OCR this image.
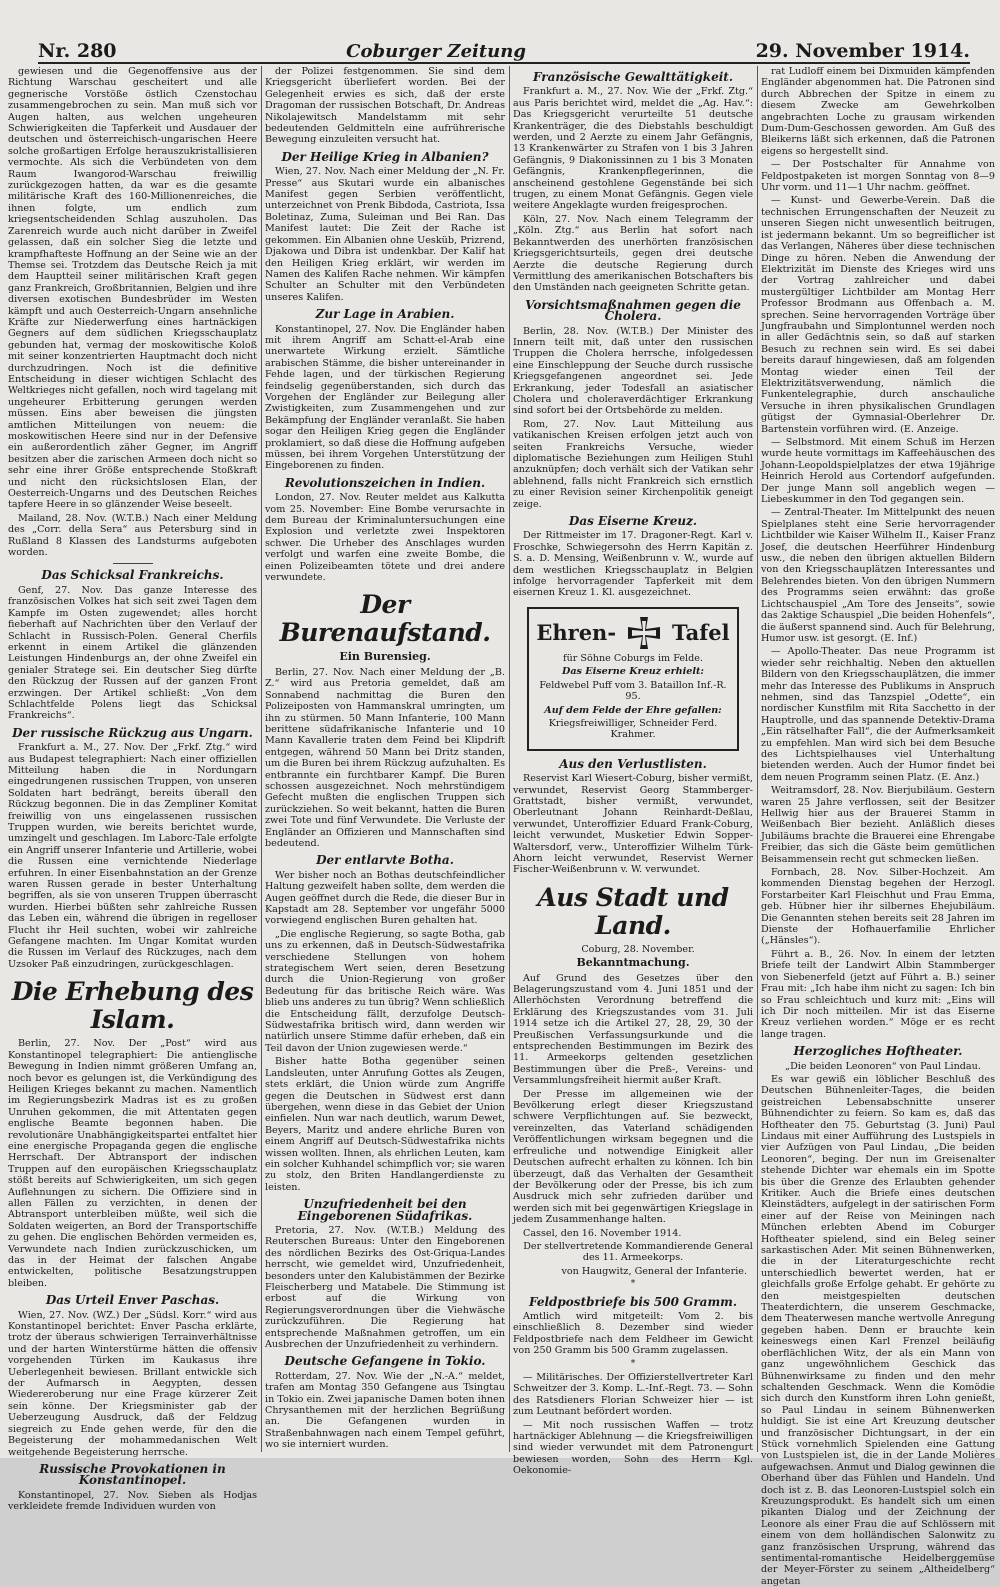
Nr. 280	Coburger Zeitung	29. November 1914.

gewiesen und die Gegenoffensive aus der Richtung Warschau gescheitert und alle gegnerische Vorstöße östlich Czenstochau zusammengebrochen zu sein. Man muß sich vor Augen halten, aus welchen ungeheuren Schwierigkeiten die Tapferkeit und Ausdauer der deutschen und österreichisch-ungarischen Heere solche großartigen Erfolge herauszukristallisieren vermochte. Als sich die Verbündeten von dem Raum Iwangorod-Warschau freiwillig zurückgezogen hatten, da war es die gesamte militärische Kraft des 160-Millionenreiches, die ihnen folgte, um endlich zum kriegsentscheidenden Schlag auszuholen. Das Zarenreich wurde auch nicht darüber in Zweifel gelassen, daß ein solcher Sieg die letzte und krampfhafteste Hoffnung an der Seine wie an der Themse sei. Trotzdem das Deutsche Reich ja mit dem Hauptteil seiner militärischen Kraft gegen ganz Frankreich, Großbritannien, Belgien und ihre diversen exotischen Bundesbrüder im Westen kämpft und auch Oesterreich-Ungarn ansehnliche Kräfte zur Niederwerfung eines hartnäckigen Gegners auf dem südlichen Kriegsschauplatz gebunden hat, vermag der moskowitische Koloß mit seiner konzentrierten Hauptmacht doch nicht durchzudringen. Noch ist die definitive Entscheidung in dieser wichtigen Schlacht des Weltkrieges nicht gefallen, noch wird tagelang mit ungeheurer Erbitterung gerungen werden müssen. Eins aber beweisen die jüngsten amtlichen Mitteilungen von neuem: die moskowitischen Heere sind nur in der Defensive ein außerordentlich zäher Gegner, im Angriff besitzen aber die zarischen Armeen doch nicht so sehr eine ihrer Größe entsprechende Stoßkraft und nicht den rücksichtslosen Elan, der Oesterreich-Ungarns und des Deutschen Reiches tapfere Heere in so glänzender Weise beseelt.

Mailand, 28. Nov. (W.T.B.) Nach einer Meldung des „Corr. della Sera“ aus Petersburg sind in Rußland 8 Klassen des Landsturms aufgeboten worden.

Das Schicksal Frankreichs.

Genf, 27. Nov. Das ganze Interesse des französischen Volkes hat sich seit zwei Tagen dem Kampfe im Osten zugewendet; alles horcht fieberhaft auf Nachrichten über den Verlauf der Schlacht in Russisch-Polen. General Cherfils erkennt in einem Artikel die glänzenden Leistungen Hindenburgs an, der ohne Zweifel ein genialer Stratege sei. Ein deutscher Sieg dürfte den Rückzug der Russen auf der ganzen Front erzwingen. Der Artikel schließt: „Von dem Schlachtfelde Polens liegt das Schicksal Frankreichs“.

Der russische Rückzug aus Ungarn.

Frankfurt a. M., 27. Nov. Der „Frkf. Ztg.“ wird aus Budapest telegraphiert: Nach einer offiziellen Mitteilung haben die in Nordungarn eingedrungenen russischen Truppen, von unseren Soldaten hart bedrängt, bereits überall den Rückzug begonnen. Die in das Zempliner Komitat freiwillig von uns eingelassenen russischen Truppen wurden, wie bereits berichtet wurde, umzingelt und geschlagen. Im Laborc-Tale erfolgte ein Angriff unserer Infanterie und Artillerie, wobei die Russen eine vernichtende Niederlage erfuhren. In einer Eisenbahnstation an der Grenze waren Russen gerade in bester Unterhaltung begriffen, als sie von unseren Truppen überrascht wurden. Hierbei büßten sehr zahlreiche Russen das Leben ein, während die übrigen in regelloser Flucht ihr Heil suchten, wobei wir zahlreiche Gefangene machten. Im Ungar Komitat wurden die Russen im Verlauf des Rückzuges, nach dem Uzsoker Paß einzudringen, zurückgeschlagen.

Die Erhebung des Islam.

Berlin, 27. Nov. Der „Post“ wird aus Konstantinopel telegraphiert: Die antienglische Bewegung in Indien nimmt größeren Umfang an, noch bevor es gelungen ist, die Verkündigung des Heiligen Krieges bekannt zu machen. Namentlich im Regierungsbezirk Madras ist es zu großen Unruhen gekommen, die mit Attentaten gegen englische Beamte begonnen haben. Die revolutionäre Unabhängigkeitspartei entfaltet hier eine energische Propaganda gegen die englische Herrschaft. Der Abtransport der indischen Truppen auf den europäischen Kriegsschauplatz stößt bereits auf Schwierigkeiten, um sich gegen Auflehnungen zu sichern. Die Offiziere sind in allen Fällen zu verzichten, in denen der Abtransport unterbleiben müßte, weil sich die Soldaten weigerten, an Bord der Transportschiffe zu gehen. Die englischen Behörden vermeiden es, Verwundete nach Indien zurückzuschicken, um das in der Heimat der falschen Angabe entwickelten, politische Besatzungstruppen bleiben.

Das Urteil Enver Paschas.

Wien, 27. Nov. (WZ.) Der „Südsl. Korr.“ wird aus Konstantinopel berichtet: Enver Pascha erklärte, trotz der überaus schwierigen Terrainverhältnisse und der harten Winterstürme hätten die offensiv vorgehenden Türken im Kaukasus ihre Ueberlegenheit bewiesen. Brillant entwickle sich der Aufmarsch in Aegypten, dessen Wiedereroberung nur eine Frage kürzerer Zeit sein könne. Der Kriegsminister gab der Ueberzeugung Ausdruck, daß der Feldzug siegreich zu Ende gehen werde, für den die Begeisterung der mohammedanischen Welt weitgehende Begeisterung herrsche.

Russische Provokationen in Konstantinopel.

Konstantinopel, 27. Nov. Sieben als Hodjas verkleidete fremde Individuen wurden von

der Polizei festgenommen. Sie sind dem Kriegsgericht überliefert worden. Bei der Gelegenheit erwies es sich, daß der erste Dragoman der russischen Botschaft, Dr. Andreas Nikolajewitsch Mandelstamm mit sehr bedeutenden Geldmitteln eine aufrührerische Bewegung einzuleiten versucht hat.

Der Heilige Krieg in Albanien?

Wien, 27. Nov. Nach einer Meldung der „N. Fr. Presse“ aus Skutari wurde ein albanisches Manifest gegen Serbien veröffentlicht, unterzeichnet von Prenk Bibdoda, Castriota, Issa Boletinaz, Zuma, Suleiman und Bei Ran. Das Manifest lautet: Die Zeit der Rache ist gekommen. Ein Albanien ohne Uesküb, Prizrend, Djakowa und Dibra ist undenkbar. Der Kalif hat den Heiligen Krieg erklärt, wir werden im Namen des Kalifen Rache nehmen. Wir kämpfen Schulter an Schulter mit den Verbündeten unseres Kalifen.

Zur Lage in Arabien.

Konstantinopel, 27. Nov. Die Engländer haben mit ihrem Angriff am Schatt-el-Arab eine unerwartete Wirkung erzielt. Sämtliche arabischen Stämme, die bisher untereinander in Fehde lagen, und der türkischen Regierung feindselig gegenüberstanden, sich durch das Vorgehen der Engländer zur Beilegung aller Zwistigkeiten, zum Zusammengehen und zur Bekämpfung der Engländer veranlaßt. Sie haben sogar den Heiligen Krieg gegen die Engländer proklamiert, so daß diese die Hoffnung aufgeben müssen, bei ihrem Vorgehen Unterstützung der Eingeborenen zu finden.

Revolutionszeichen in Indien.

London, 27. Nov. Reuter meldet aus Kalkutta vom 25. November: Eine Bombe verursachte in dem Bureau der Kriminaluntersuchungen eine Explosion und verletzte zwei Inspektoren schwer. Die Urheber des Anschlages wurden verfolgt und warfen eine zweite Bombe, die einen Polizeibeamten tötete und drei andere verwundete.

Der Burenaufstand.
Ein Burensieg.

Berlin, 27. Nov. Nach einer Meldung der „B. Z.“ wird aus Pretoria gemeldet, daß am Sonnabend nachmittag die Buren den Polizeiposten von Hammanskral umringten, um ihn zu stürmen. 50 Mann Infanterie, 100 Mann berittene südafrikanische Infanterie und 10 Mann Kavallerie traten dem Feind bei Klipdrift entgegen, während 50 Mann bei Dritz standen, um die Buren bei ihrem Rückzug aufzuhalten. Es entbrannte ein furchtbarer Kampf. Die Buren schossen ausgezeichnet. Noch mehrstündigem Gefecht mußten die englischen Truppen sich zurückziehen. So weit bekannt, hatten die Buren zwei Tote und fünf Verwundete. Die Verluste der Engländer an Offizieren und Mannschaften sind bedeutend.

Der entlarvte Botha.

Wer bisher noch an Bothas deutschfeindlicher Haltung gezweifelt haben sollte, dem werden die Augen geöffnet durch die Rede, die dieser Bur in Kapstadt am 28. September vor ungefähr 5000 vorwiegend englischen Buren gehalten hat.

„Die englische Regierung, so sagte Botha, gab uns zu erkennen, daß in Deutsch-Südwestafrika verschiedene Stellungen von hohem strategischem Wert seien, deren Besetzung durch die Union-Regierung von großer Bedeutung für das britische Reich wäre. Was blieb uns anderes zu tun übrig? Wenn schließlich die Entscheidung fällt, derzufolge Deutsch-Südwestafrika britisch wird, dann werden wir natürlich unsere Stimme dafür erheben, daß ein Teil davon der Union zugewiesen werde.“

Bisher hatte Botha gegenüber seinen Landsleuten, unter Anrufung Gottes als Zeugen, stets erklärt, die Union würde zum Angriffe gegen die Deutschen in Südwest erst dann übergehen, wenn diese in das Gebiet der Union einfielen. Nun war nach deutlich, warum Dewet, Beyers, Maritz und andere ehrliche Buren von einem Angriff auf Deutsch-Südwestafrika nichts wissen wollten. Ihnen, als ehrlichen Leuten, kam ein solcher Kuhhandel schimpflich vor; sie waren zu stolz, den Briten Handlangerdienste zu leisten.

Unzufriedenheit bei den Eingeborenen Südafrikas.

Pretoria, 27. Nov. (W.T.B.) Meldung des Reuterschen Bureaus: Unter den Eingeborenen des nördlichen Bezirks des Ost-Griqua-Landes herrscht, wie gemeldet wird, Unzufriedenheit, besonders unter den Kalubistämmen der Bezirke Fleischerberg und Matabele. Die Stimmung ist erbost auf die Wirkung von Regierungsverordnungen über die Viehwäsche zurückzuführen. Die Regierung hat entsprechende Maßnahmen getroffen, um ein Ausbrechen der Unzufriedenheit zu verhindern.

Deutsche Gefangene in Tokio.

Rotterdam, 27. Nov. Wie der „N.-A.“ meldet, trafen am Montag 350 Gefangene aus Tsingtau in Tokio ein. Zwei japanische Damen boten ihnen Chrysanthemen mit der herzlichen Begrüßung an. Die Gefangenen wurden in Straßenbahnwagen nach einem Tempel geführt, wo sie interniert wurden.

Französische Gewalttätigkeit.

Frankfurt a. M., 27. Nov. Wie der „Frkf. Ztg.“ aus Paris berichtet wird, meldet die „Ag. Hav.“: Das Kriegsgericht verurteilte 51 deutsche Krankenträger, die des Diebstahls beschuldigt werden, und 2 Aerzte zu einem Jahr Gefängnis, 13 Krankenwärter zu Strafen von 1 bis 3 Jahren Gefängnis, 9 Diakonissinnen zu 1 bis 3 Monaten Gefängnis, Krankenpflegerinnen, die anscheinend gestohlene Gegenstände bei sich trugen, zu einem Monat Gefängnis. Gegen viele weitere Angeklagte wurden freigesprochen.

Köln, 27. Nov. Nach einem Telegramm der „Köln. Ztg.“ aus Berlin hat sofort nach Bekanntwerden des unerhörten französischen Kriegsgerichtsurteils, gegen drei deutsche Aerzte die deutsche Regierung durch Vermittlung des amerikanischen Botschafters bis den Umständen nach geeigneten Schritte getan.

Vorsichtsmaßnahmen gegen die Cholera.

Berlin, 28. Nov. (W.T.B.) Der Minister des Innern teilt mit, daß unter den russischen Truppen die Cholera herrsche, infolgedessen eine Einschleppung der Seuche durch russische Kriegsgefangenen angeordnet sei. Jede Erkrankung, jeder Todesfall an asiatischer Cholera und choleraverdächtiger Erkrankung sind sofort bei der Ortsbehörde zu melden.

Rom, 27. Nov. Laut Mitteilung aus vatikanischen Kreisen erfolgen jetzt auch von seiten Frankreichs Versuche, wieder diplomatische Beziehungen zum Heiligen Stuhl anzuknüpfen; doch verhält sich der Vatikan sehr ablehnend, falls nicht Frankreich sich ernstlich zu einer Revision seiner Kirchenpolitik geneigt zeige.

Das Eiserne Kreuz.

Der Rittmeister im 17. Dragoner-Regt. Karl v. Froschke, Schwiegersohn des Herrn Kapitän z. S. a. D. Mensing, Weißenbrunn v. W., wurde auf dem westlichen Kriegsschauplatz in Belgien infolge hervorragender Tapferkeit mit dem eisernen Kreuz 1. Kl. ausgezeichnet.

Ehren-	Tafel
für Söhne Coburgs im Felde.
Das Eiserne Kreuz erhielt:
Feldwebel Puff vom 3. Bataillon Inf.-R. 95.
Auf dem Felde der Ehre gefallen:
Kriegsfreiwilliger, Schneider Ferd. Krahmer.
Aus den Verlustlisten.

Reservist Karl Wiesert-Coburg, bisher vermißt, verwundet, Reservist Georg Stammberger-Grattstadt, bisher vermißt, verwundet, Oberleutnant Johann Reinhardt-Deßlau, verwundet, Unteroffizier Eduard Frank-Coburg, leicht verwundet, Musketier Edwin Sopper-Waltersdorf, verw., Unteroffizier Wilhelm Türk-Ahorn leicht verwundet, Reservist Werner Fischer-Weißenbrunn v. W. verwundet.

Aus Stadt und Land.

Coburg, 28. November.

Bekanntmachung.

Auf Grund des Gesetzes über den Belagerungszustand vom 4. Juni 1851 und der Allerhöchsten Verordnung betreffend die Erklärung des Kriegszustandes vom 31. Juli 1914 setze ich die Artikel 27, 28, 29, 30 der Preußischen Verfassungsurkunde und die entsprechenden Bestimmungen im Bezirk des 11. Armeekorps geltenden gesetzlichen Bestimmungen über die Preß-, Vereins- und Versammlungsfreiheit hiermit außer Kraft.

Der Presse im allgemeinen wie der Bevölkerung erlegt dieser Kriegszustand schwere Verpflichtungen auf. Sie bezweckt, vereinzelten, das Vaterland schädigenden Veröffentlichungen wirksam begegnen und die erfreuliche und notwendige Einigkeit aller Deutschen aufrecht erhalten zu können. Ich bin überzeugt, daß das Verhalten der Gesamtheit der Bevölkerung oder der Presse, bis ich zum Ausdruck mich sehr zufrieden darüber und werden sich mit bei gegenwärtigen Kriegslage in jedem Zusammenhange halten.

Cassel, den 16. November 1914.

Der stellvertretende Kommandierende General des 11. Armeekorps.

von Haugwitz, General der Infanterie.

*
Feldpostbriefe bis 500 Gramm.

Amtlich wird mitgeteilt: Vom 2. bis einschließlich 8. Dezember sind wieder Feldpostbriefe nach dem Feldheer im Gewicht von 250 Gramm bis 500 Gramm zugelassen.

*

— Militärisches. Der Offizierstellvertreter Karl Schweitzer der 3. Komp. L.-Inf.-Regt. 73. — Sohn des Ratsdieners Florian Schweizer hier — ist zum Leutnant befördert worden.

— Mit noch russischen Waffen — trotz hartnäckiger Ablehnung — die Kriegsfreiwilligen sind wieder verwundet mit dem Patronengurt bewiesen worden, Sohn des Herrn Kgl. Oekonomie-

rat Ludloff einem bei Dixmuiden kämpfenden Engländer abgenommen hat. Die Patronen sind durch Abbrechen der Spitze in einem zu diesem Zwecke am Gewehrkolben angebrachten Loche zu grausam wirkenden Dum-Dum-Geschossen geworden. Am Guß des Bleikerns läßt sich erkennen, daß die Patronen eigens so hergestellt sind.

— Der Postschalter für Annahme von Feldpostpaketen ist morgen Sonntag von 8—9 Uhr vorm. und 11—1 Uhr nachm. geöffnet.

— Kunst- und Gewerbe-Verein. Daß die technischen Errungenschaften der Neuzeit zu unseren Siegen nicht unwesentlich beitrugen, ist jedermann bekannt. Um so begreiflicher ist das Verlangen, Näheres über diese technischen Dinge zu hören. Neben die Anwendung der Elektrizität im Dienste des Krieges wird uns der Vortrag zahlreicher und dabei mustergültiger Lichtbilder am Montag Herr Professor Brodmann aus Offenbach a. M. sprechen. Seine hervorragenden Vorträge über Jungfraubahn und Simplontunnel werden noch in aller Gedächtnis sein, so daß auf starken Besuch zu rechnen sein wird. Es sei dabei bereits darauf hingewiesen, daß am folgenden Montag wieder einen Teil der Elektrizitätsverwendung, nämlich die Funkentelegraphie, durch anschauliche Versuche in ihren physikalischen Grundlagen gütigst der Gymnasial-Oberlehrer Dr. Bartenstein vorführen wird. (E. Anzeige.

— Selbstmord. Mit einem Schuß im Herzen wurde heute vormittags im Kaffeehäuschen des Johann-Leopoldspielplatzes der etwa 19jährige Heinrich Herold aus Cortendorf aufgefunden. Der junge Mann soll angeblich wegen — Liebeskummer in den Tod gegangen sein.

— Zentral-Theater. Im Mittelpunkt des neuen Spielplanes steht eine Serie hervorragender Lichtbilder wie Kaiser Wilhelm II., Kaiser Franz Josef, die deutschen Heerführer Hindenburg usw., die neben den übrigen aktuellen Bildern von den Kriegsschauplätzen Interessantes und Belehrendes bieten. Von den übrigen Nummern des Programms seien erwähnt: das große Lichtschauspiel „Am Tore des Jenseits“, sowie das 2aktige Schauspiel „Die beiden Hohenfels“, die äußerst spannend sind. Auch für Belehrung, Humor usw. ist gesorgt. (E. Inf.)

— Apollo-Theater. Das neue Programm ist wieder sehr reichhaltig. Neben den aktuellen Bildern von den Kriegsschauplätzen, die immer mehr das Interesse des Publikums in Anspruch nehmen, sind das Tanzspiel „Odette“, ein nordischer Kunstfilm mit Rita Sacchetto in der Hauptrolle, und das spannende Detektiv-Drama „Ein rätselhafter Fall“, die der Aufmerksamkeit zu empfehlen. Man wird sich bei dem Besuche des Lichtspielhauses viel Unterhaltung bietenden werden. Auch der Humor findet bei dem neuen Programm seinen Platz. (E. Anz.)

Weitramsdorf, 28. Nov. Bierjubiläum. Gestern waren 25 Jahre verflossen, seit der Besitzer Hellwig hier aus der Brauerei Stamm in Weißenbach Bier bezieht. Anläßlich dieses Jubiläums brachte die Brauerei eine Ehrengabe Freibier, das sich die Gäste beim gemütlichen Beisammensein recht gut schmecken ließen.

Fornbach, 28. Nov. Silber-Hochzeit. Am kommenden Dienstag begehen der Herzogl. Forstarbeiter Karl Fleischhut und Frau Emma, geb. Hübner hier ihr silbernes Ehejubiläum. Die Genannten stehen bereits seit 28 Jahren im Dienste der Hofhauerfamilie Ehrlicher („Hänsles“).

Führt a. B., 26. Nov. In einem der letzten Briefe teilt der Landwirt Albin Stammberger von Siebenerfeld (jetzt auf Führt a. B.) seiner Frau mit: „Ich habe ihm nicht zu sagen: Ich bin so Frau schleichtuch und kurz mit: „Eins will ich Dir noch mitteilen. Mir ist das Eiserne Kreuz verliehen worden.“ Möge er es recht lange tragen.

Herzogliches Hoftheater.

„Die beiden Leonoren“ von Paul Lindau.

Es war gewiß ein löblicher Beschluß des Deutschen Bühnenleiter-Tages, die beiden geistreichen Lebensabschnitte unserer Bühnendichter zu feiern. So kam es, daß das Hoftheater den 75. Geburtstag (3. Juni) Paul Lindaus mit einer Aufführung des Lustspiels in vier Aufzügen von Paul Lindau, „Die beiden Leonoren“, beging. Der nun im Greisenalter stehende Dichter war ehemals ein im Spotte bis über die Grenze des Erlaubten gehender Kritiker. Auch die Briefe eines deutschen Kleinstädters, aufgelegt in der satirischen Form einer auf der Reise von Meiningen nach München erlebten Abend im Coburger Hoftheater spielend, sind ein Beleg seiner sarkastischen Ader. Mit seinen Bühnenwerken, die in der Literaturgeschichte recht unterschiedlich bewertet werden, hat er gleichfalls große Erfolge gehabt. Er gehörte zu den meistgespielten deutschen Theaterdichtern, die unserem Geschmacke, dem Theaterwesen manche wertvolle Anregung gegeben haben. Denn er brauchte kein keineswegs einen Karl Frenzel beiläufig oberflächlichen Witz, der als ein Mann von ganz ungewöhnlichem Geschick das Bühnenwirksame zu finden und den mehr schaltenden Geschmack. Wenn die Komödie sich durch den Kunstform ihren Lohn genießt, so Paul Lindau in seinem Bühnenwerken huldigt. Sie ist eine Art Kreuzung deutscher und französischer Dichtungsart, in der ein Stück vornehmlich Spielenden eine Gattung von Lustspielen ist, die in der Lande Molières aufgewachsen. Anmut und Dialog gewinnen die Oberhand über das Fühlen und Handeln. Und doch ist z. B. das Leonoren-Lustspiel solch ein Kreuzungsprodukt. Es handelt sich um einen pikanten Dialog und der Zeichnung der Leonore als einer Frau die auf Schlössern mit einem von dem holländischen Salonwitz zu ganz französischen Ursprung, während das sentimental-romantische Heidelberggemüse der Meyer-Förster zu seinem „Altheidelberg“ angetan
